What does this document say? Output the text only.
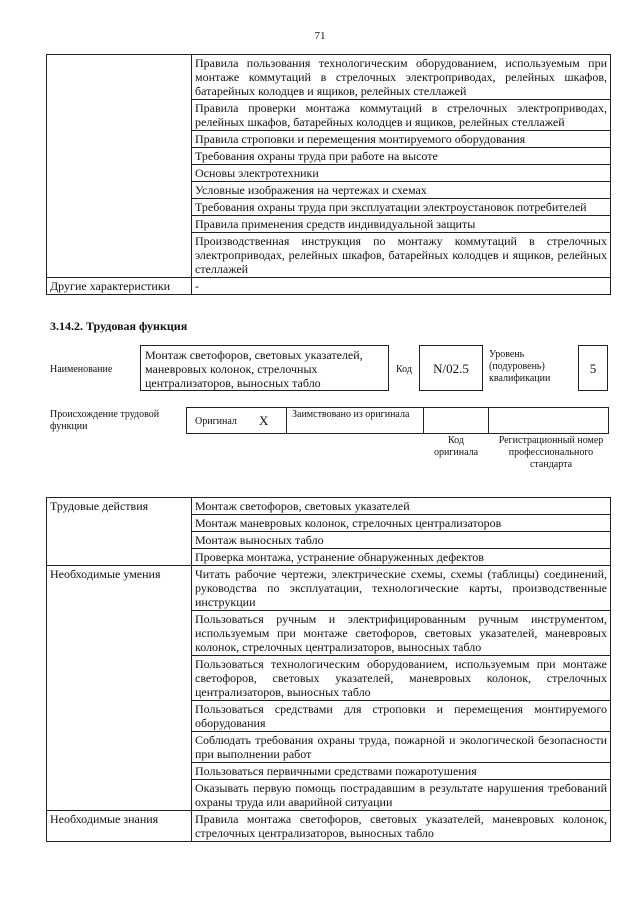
71
	Правила пользования технологическим оборудованием, используемым при монтаже коммутаций в стрелочных электроприводах, релейных шкафов, батарейных колодцев и ящиков, релейных стеллажей
	Правила проверки монтажа коммутаций в стрелочных электроприводах, релейных шкафов, батарейных колодцев и ящиков, релейных стеллажей
	Правила строповки и перемещения монтируемого оборудования
	Требования охраны труда при работе на высоте
	Основы электротехники
	Условные изображения на чертежах и схемах
	Требования охраны труда при эксплуатации электроустановок потребителей
	Правила применения средств индивидуальной защиты
	Производственная инструкция по монтажу коммутаций в стрелочных электроприводах, релейных шкафов, батарейных колодцев и ящиков, релейных стеллажей
Другие характеристики	-
3.14.2. Трудовая функция
Наименование
Монтаж светофоров, световых указателей, маневровых колонок, стрелочных централизаторов, выносных табло
Код	N/02.5
Уровень (подуровень) квалификации
5
Происхождение трудовой функции	Оригинал X Заимствовано из оригинала
Код оригинала
Регистрационный номер профессионального стандарта
Трудовые действия	Монтаж светофоров, световых указателей
	Монтаж маневровых колонок, стрелочных централизаторов
	Монтаж выносных табло
	Проверка монтажа, устранение обнаруженных дефектов
Необходимые умения	Читать рабочие чертежи, электрические схемы, схемы (таблицы) соединений, руководства по эксплуатации, технологические карты, производственные инструкции
	Пользоваться ручным и электрифицированным ручным инструментом, используемым при монтаже светофоров, световых указателей, маневровых колонок, стрелочных централизаторов, выносных табло
	Пользоваться технологическим оборудованием, используемым при монтаже светофоров, световых указателей, маневровых колонок, стрелочных централизаторов, выносных табло
	Пользоваться средствами для строповки и перемещения монтируемого оборудования
	Соблюдать требования охраны труда, пожарной и экологической безопасности при выполнении работ
	Пользоваться первичными средствами пожаротушения
	Оказывать первую помощь пострадавшим в результате нарушения требований охраны труда или аварийной ситуации
Необходимые знания	Правила монтажа светофоров, световых указателей, маневровых колонок, стрелочных централизаторов, выносных табло
